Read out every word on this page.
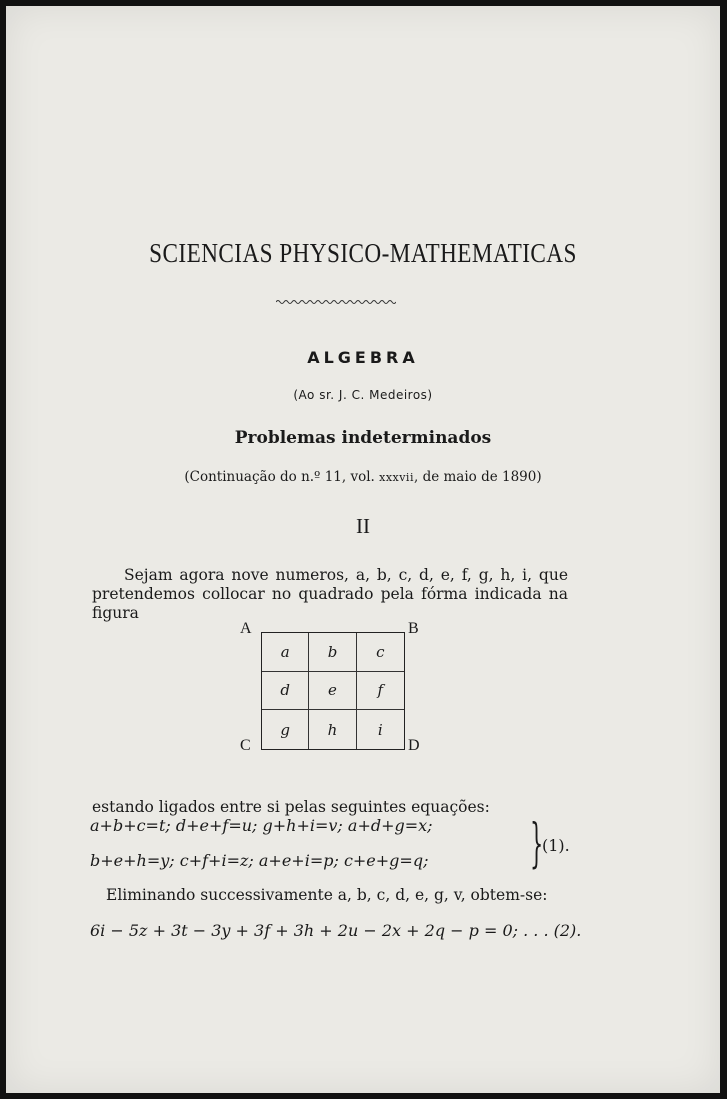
SCIENCIAS PHYSICO-MATHEMATICAS
ALGEBRA
(Ao sr. J. C. Medeiros)
Problemas indeterminados
(Continuação do n.º 11, vol. xxxvii, de maio de 1890)
II
Sejam agora nove numeros, a, b, c, d, e, f, g, h, i, que pretendemos collocar no quadrado pela fórma indicada na figura
A	B
C	D
a	b	c
d	e	f
g	h	i
estando ligados entre si pelas seguintes equações:
a+b+c=t; d+e+f=u; g+h+i=v; a+d+g=x;
b+e+h=y; c+f+i=z; a+e+i=p; c+e+g=q; }
(1).
Eliminando successivamente a, b, c, d, e, g, v, obtem-se:
6i − 5z + 3t − 3y + 3f + 3h + 2u − 2x + 2q − p = 0; . . . (2).
